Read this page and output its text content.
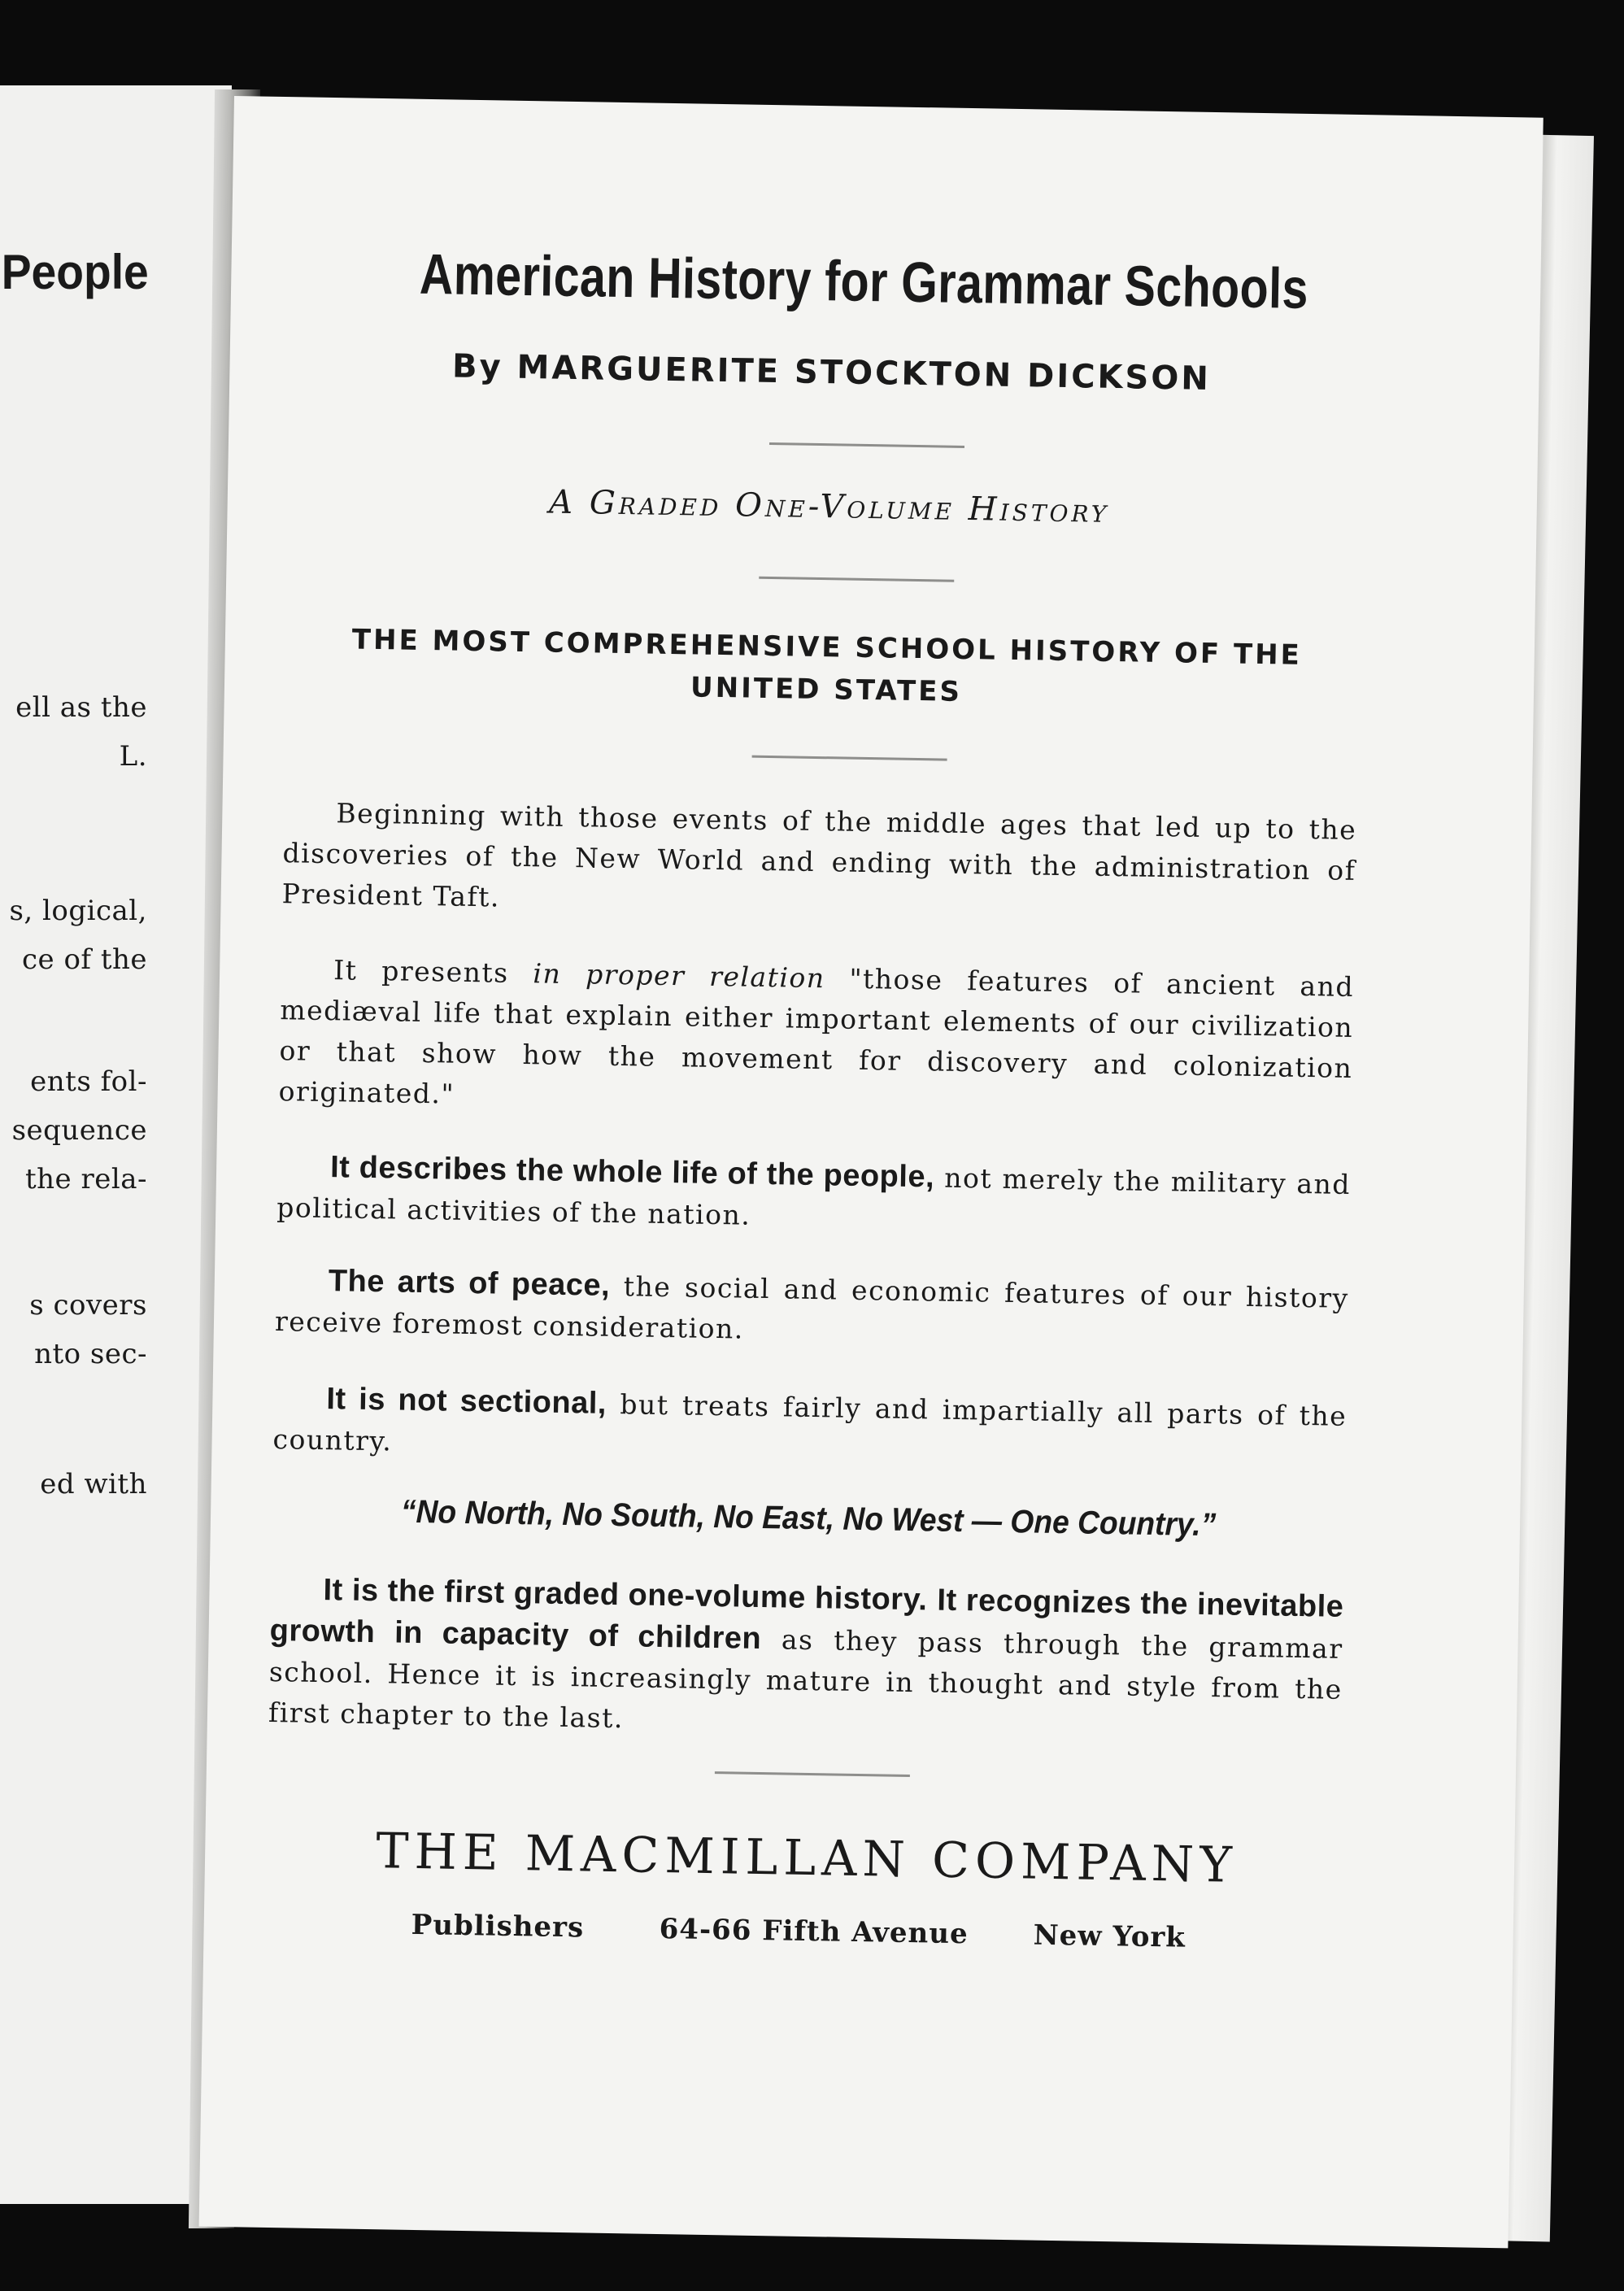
People
ell as the
L.
s, logical,
ce of the
ents fol-
sequence
the rela-
s covers
nto sec-
ed with
American History for Grammar Schools
By MARGUERITE STOCKTON DICKSON
A Graded One-Volume History
THE MOST COMPREHENSIVE SCHOOL HISTORY OF THE UNITED STATES

Beginning with those events of the middle ages that led up to the discoveries of the New World and ending with the administration of President Taft.

It presents in proper relation "those features of ancient and mediæval life that explain either important elements of our civilization or that show how the movement for discovery and colonization originated."

It describes the whole life of the people, not merely the military and political activities of the nation.

The arts of peace, the social and economic features of our history receive foremost consideration.

It is not sectional, but treats fairly and impartially all parts of the country.

“No North, No South, No East, No West — One Country.”

It is the first graded one-volume history. It recognizes the inevitable growth in capacity of children as they pass through the grammar school. Hence it is increasingly mature in thought and style from the first chapter to the last.

THE MACMILLAN COMPANY
Publishers	64-66 Fifth Avenue New York
